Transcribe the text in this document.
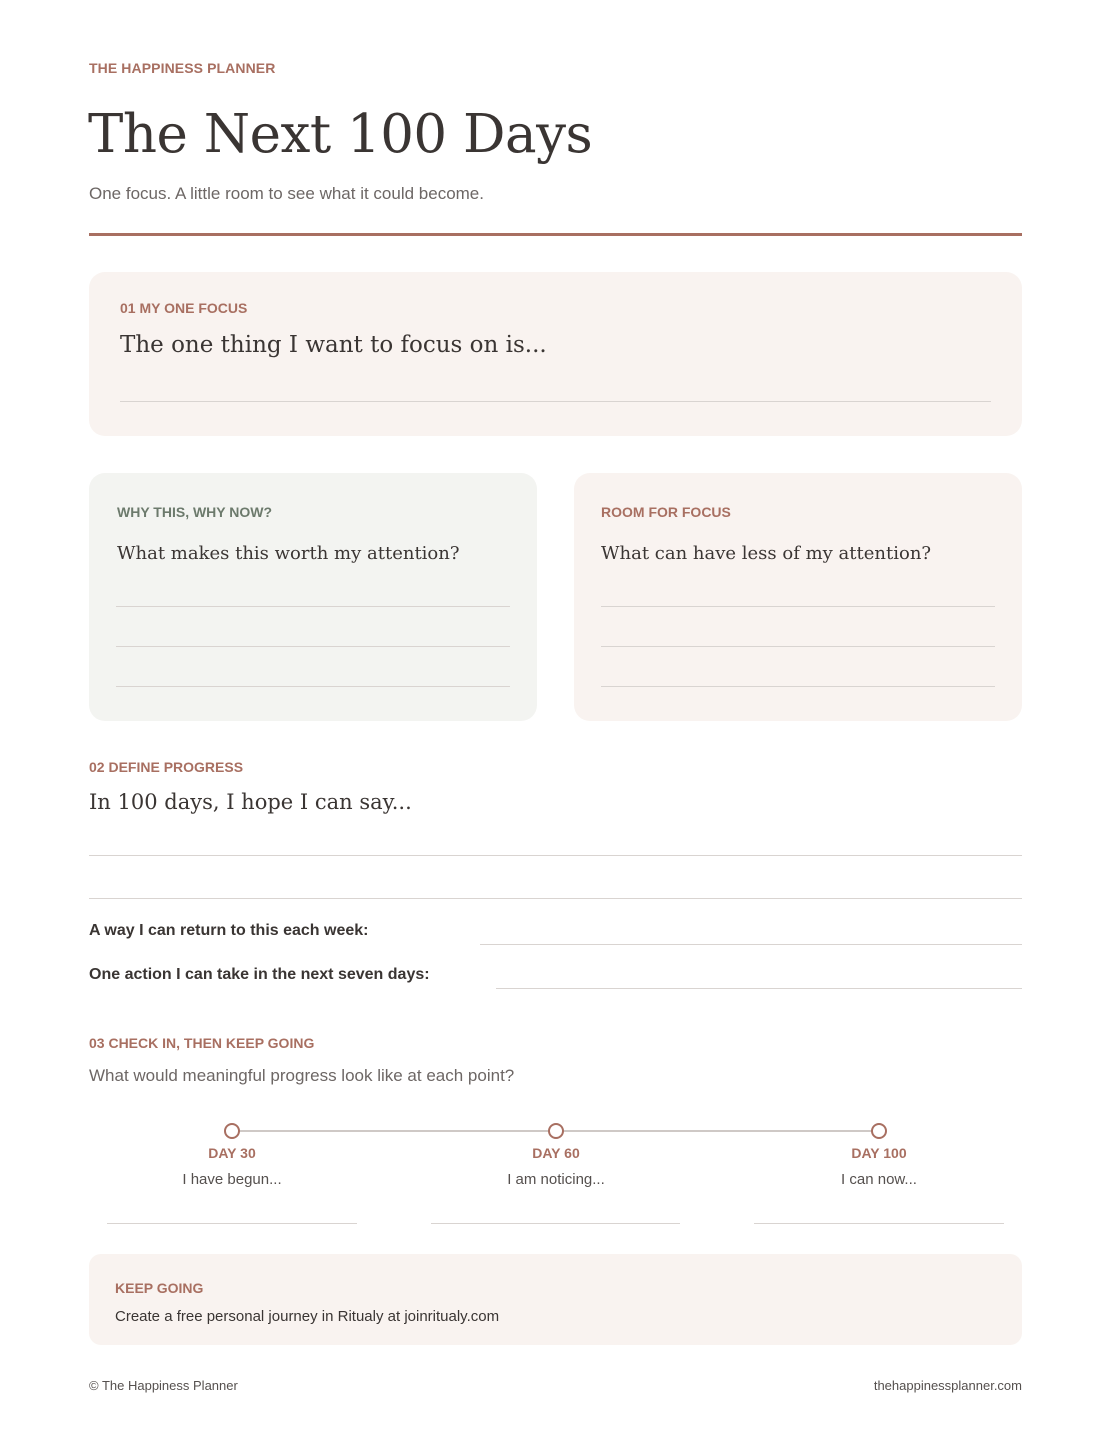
THE HAPPINESS PLANNER
The Next 100 Days
One focus. A little room to see what it could become.
01 MY ONE FOCUS
The one thing I want to focus on is...
WHY THIS, WHY NOW?
What makes this worth my attention?
ROOM FOR FOCUS
What can have less of my attention?
02 DEFINE PROGRESS
In 100 days, I hope I can say...
A way I can return to this each week:
One action I can take in the next seven days:
03 CHECK IN, THEN KEEP GOING
What would meaningful progress look like at each point?
DAY 30	DAY 60	DAY 100
I have begun...	I am noticing...	I can now...
KEEP GOING
Create a free personal journey in Ritualy at joinritualy.com
© The Happiness Planner	thehappinessplanner.com
